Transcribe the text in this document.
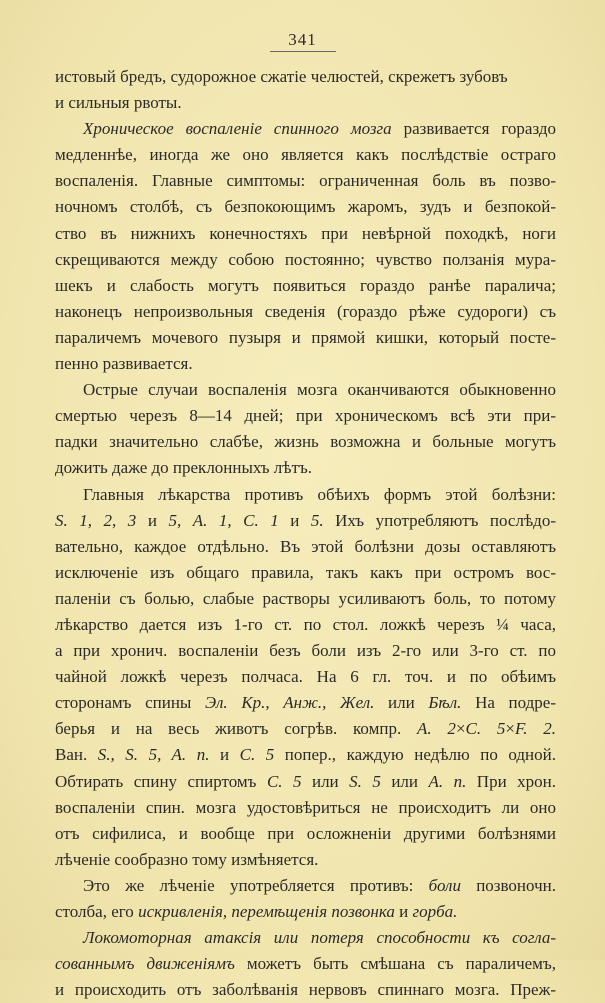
341
истовый бредъ, судорожное сжатіе челюстей, скрежетъ зубовъ
и сильныя рвоты.
Хроническое воспаленіе спинного мозга развивается гораздо
медленнѣе, иногда же оно является какъ послѣдствіе остраго
воспаленія. Главные симптомы: ограниченная боль въ позво-
ночномъ столбѣ, съ безпокоющимъ жаромъ, зудъ и безпокой-
ство въ нижнихъ конечностяхъ при невѣрной походкѣ, ноги
скрещиваются между собою постоянно; чувство ползанія мура-
шекъ и слабость могутъ появиться гораздо ранѣе паралича;
наконецъ непроизвольныя сведенія (гораздо рѣже судороги) съ
параличемъ мочевого пузыря и прямой кишки, который посте-
пенно развивается.
Острые случаи воспаленія мозга оканчиваются обыкновенно
смертью черезъ 8—14 дней; при хроническомъ всѣ эти при-
падки значительно слабѣе, жизнь возможна и больные могутъ
дожить даже до преклонныхъ лѣтъ.
Главныя лѣкарства противъ обѣихъ формъ этой болѣзни:
S. 1, 2, 3 и 5, A. 1, C. 1 и 5. Ихъ употребляютъ послѣдо-
вательно, каждое отдѣльно. Въ этой болѣзни дозы оставляютъ
исключеніе изъ общаго правила, такъ какъ при остромъ вос-
паленіи съ болью, слабые растворы усиливаютъ боль, то потому
лѣкарство дается изъ 1-го ст. по стол. ложкѣ черезъ ¼ часа,
а при хронич. воспаленіи безъ боли изъ 2-го или 3-го ст. по
чайной ложкѣ черезъ полчаса. На 6 гл. точ. и по обѣимъ
сторонамъ спины Эл. Кр., Анж., Жел. или Бѣл. На подре-
берья и на весь животъ согрѣв. компр. A. 2×C. 5×F. 2.
Ван. S., S. 5, A. п. и C. 5 попер., каждую недѣлю по одной.
Обтирать спину спиртомъ C. 5 или S. 5 или A. п. При хрон.
воспаленіи спин. мозга удостовѣриться не происходитъ ли оно
отъ сифилиса, и вообще при осложненіи другими болѣзнями
лѣченіе сообразно тому измѣняется.
Это же лѣченіе употребляется противъ: боли позвоночн.
столба, его искривленія, перемѣщенія позвонка и горба.
Локомоторная атаксія или потеря способности къ согла-
сованнымъ движеніямъ можетъ быть смѣшана съ параличемъ,
и происходить отъ заболѣванія нервовъ спиннаго мозга. Преж-
